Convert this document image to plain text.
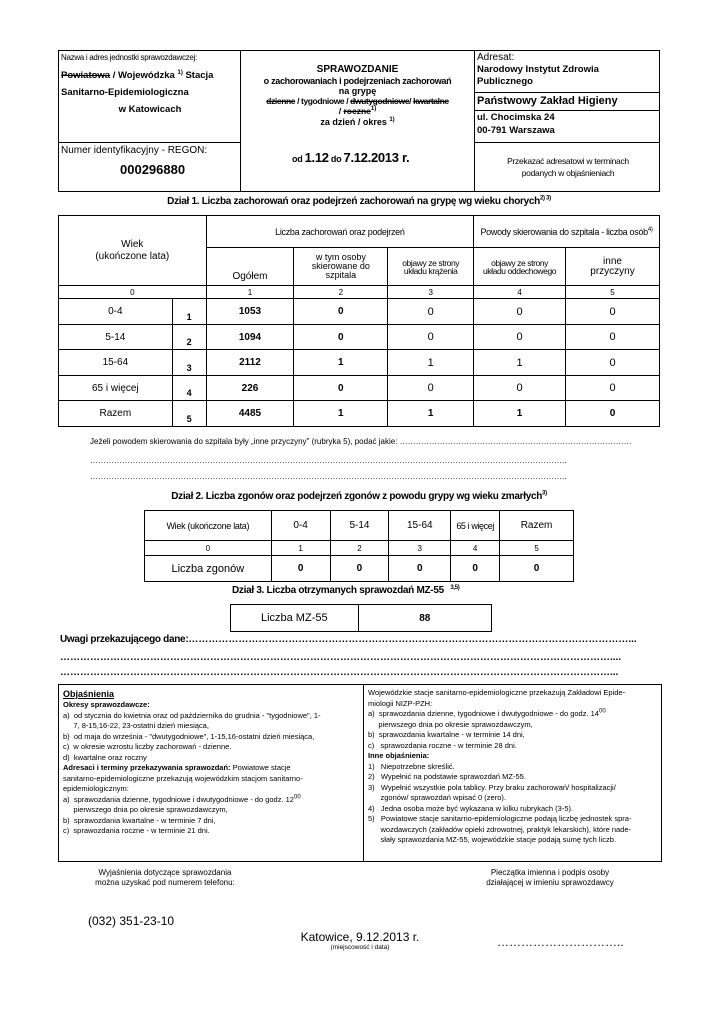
Nazwa i adres jednostki sprawozdawczej:
Powiatowa / Wojewódzka $^{1)}$ Stacja
Sanitarno-Epidemiologiczna
w Katowicach
Numer identyfikacyjny - REGON:
000296880
SPRAWOZDANIE
o zachorowaniach i podejrzeniach zachorowań
na grypę
dzienne / tygodniowe / dwutygodniowe/ kwartalne
/ roczne$^{1)}$
za dzień / okres $^{1)}$
od 1.12 do 7.12.2013 r.
Adresat:
Narodowy Instytut Zdrowia
Publicznego
Państwowy Zakład Higieny
ul. Chocimska 24
00-791 Warszawa
Przekazać adresatowi w terminach
podanych w objaśnieniach
Dział 1. Liczba zachorowań oraz podejrzeń zachorowań na grypę wg wieku chorych$^{2) 3)}$
Wiek
(ukończone lata)		Liczba zachorowań oraz podejrzeń			Powody skierowania do szpitala - liczba osób$^{4)}$
		Ogółem	w tym osoby skierowane do szpitala	objawy ze strony układu krążenia	objawy ze strony układu oddechowego	inne przyczyny
0		1	2	3	4	5
0-4	1	1053	0	0	0	0
5-14	2	1094	0	0	0	0
15-64	3	2112	1	1	1	0
65 i więcej	4	226	0	0	0	0
Razem	5	4485	1	1	1	0
Jeżeli powodem skierowania do szpitala były „inne przyczyny" (rubryka 5), podać jakie: ……………………………………………………………………………
……………………………………………………………………………………………………………………………………………………………..
……………………………………………………………………………………………………………………………………………………………..
Dział 2. Liczba zgonów oraz podejrzeń zgonów z powodu grypy wg wieku zmarłych$^{3)}$
Wiek (ukończone lata)	0-4	5-14	15-64	65 i więcej	Razem
0	1	2	3	4	5
Liczba zgonów	0	0	0	0	0
Dział 3. Liczba otrzymanych sprawozdań MZ-55 $^{3,5)}$
Liczba MZ-55	88
Uwagi przekazującego dane:……………………………………………………………………………………………………………………...
…………………………………………………………………………………………………………………………………………………....
…………………………………………………………………………………………………………………………………………………...

Objaśnienia

Okresy sprawozdawcze:

a)  od stycznia do kwietnia oraz od października do grudnia - "tygodniowe", 1-

7, 8-15,16-22, 23-ostatni dzień miesiąca,

b)  od maja do września - "dwutygodniowe", 1-15,16-ostatni dzień miesiąca,

c)  w okresie wzrostu liczby zachorowań - dzienne.

d)  kwartalne oraz roczny

Adresaci i terminy przekazywania sprawozdań: Powiatowe stacje

sanitarno-epidemiologiczne przekazują wojewódzkim stacjom sanitarno-

epidemiologicznym:

a)  sprawozdania dzienne, tygodniowe i dwutygodniowe - do godz. $12^{00}$

pierwszego dnia po okresie sprawozdawczym,

b)  sprawozdania kwartalne - w terminie 7 dni,

c)  sprawozdania roczne - w terminie 21 dni.

Wojewódzkie stacje sanitarno-epidemiologiczne przekazują Zakładowi Epide-

miologii NIZP-PZH:

a)  sprawozdania dzienne, tygodniowe i dwutygodniowe - do godz. $14^{00}$

pierwszego dnia po okresie sprawozdawczym,

b)  sprawozdania kwartalne - w terminie 14 dni,

c)   sprawozdania roczne - w terminie 28 dni.

Inne objaśnienia:

1)   Niepotrzebne skreślić.

2)   Wypełnić na podstawie sprawozdań MZ-55.

3)   Wypełnić wszystkie pola tablicy. Przy braku zachorowań/ hospitalizacji/

zgonów/ sprawozdań wpisać 0 (zero).

4)   Jedna osoba może być wykazana w kilku rubrykach (3-5).

5)   Powiatowe stacje sanitarno-epidemiologiczne podają liczbę jednostek spra-

wozdawczych (zakładów opieki zdrowotnej, praktyk lekarskich), które nade-

słały sprawozdania MZ-55, wojewódzkie stacje podają sumę tych liczb.

Wyjaśnienia dotyczące sprawozdania
można uzyskać pod numerem telefonu:
(032) 351-23-10
Pieczątka imienna i podpis osoby
działającej w imieniu sprawozdawcy
Katowice, 9.12.2013 r.
(miejscowość i data)	…………………………..
